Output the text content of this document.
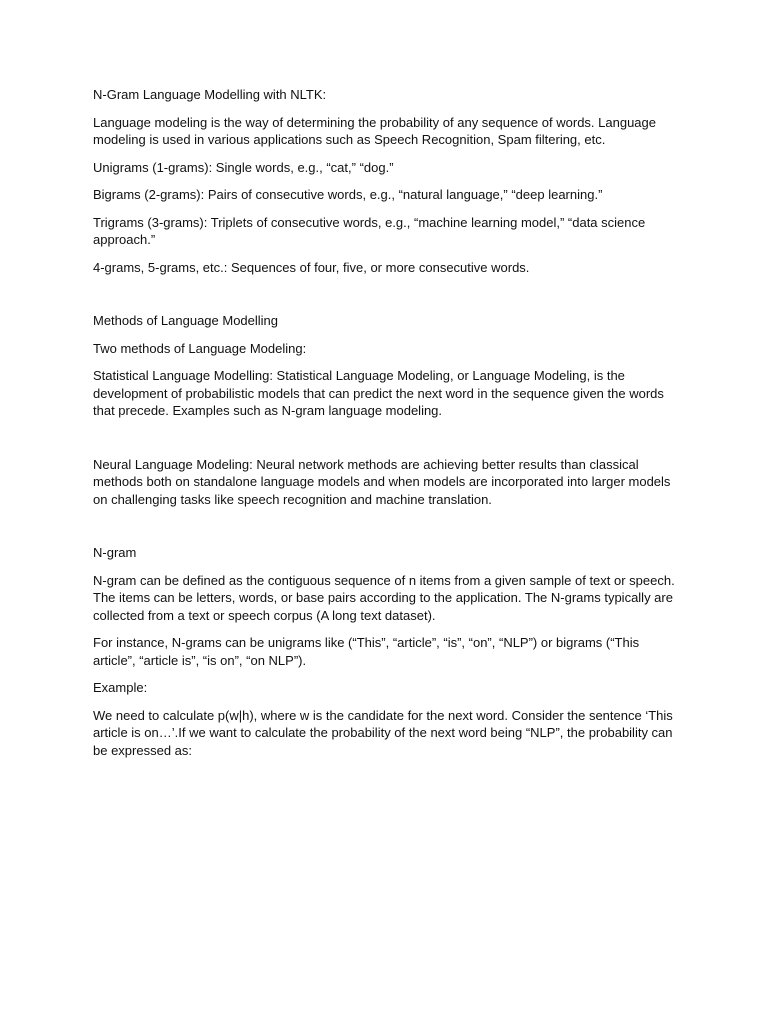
N-Gram Language Modelling with NLTK:

Language modeling is the way of determining the probability of any sequence of words. Language modeling is used in various applications such as Speech Recognition, Spam filtering, etc.

Unigrams (1-grams): Single words, e.g., “cat,” “dog.”

Bigrams (2-grams): Pairs of consecutive words, e.g., “natural language,” “deep learning.”

Trigrams (3-grams): Triplets of consecutive words, e.g., “machine learning model,” “data science approach.”

4-grams, 5-grams, etc.: Sequences of four, five, or more consecutive words.

Methods of Language Modelling

Two methods of Language Modeling:

Statistical Language Modelling: Statistical Language Modeling, or Language Modeling, is the development of probabilistic models that can predict the next word in the sequence given the words that precede. Examples such as N-gram language modeling.

Neural Language Modeling: Neural network methods are achieving better results than classical methods both on standalone language models and when models are incorporated into larger models on challenging tasks like speech recognition and machine translation.

N-gram

N-gram can be defined as the contiguous sequence of n items from a given sample of text or speech. The items can be letters, words, or base pairs according to the application. The N-grams typically are collected from a text or speech corpus (A long text dataset).

For instance, N-grams can be unigrams like (“This”, “article”, “is”, “on”, “NLP”) or bigrams (“This article”, “article is”, “is on”, “on NLP”).

Example:

We need to calculate p(w|h), where w is the candidate for the next word. Consider the sentence ‘This article is on…’.If we want to calculate the probability of the next word being “NLP”, the probability can be expressed as:
